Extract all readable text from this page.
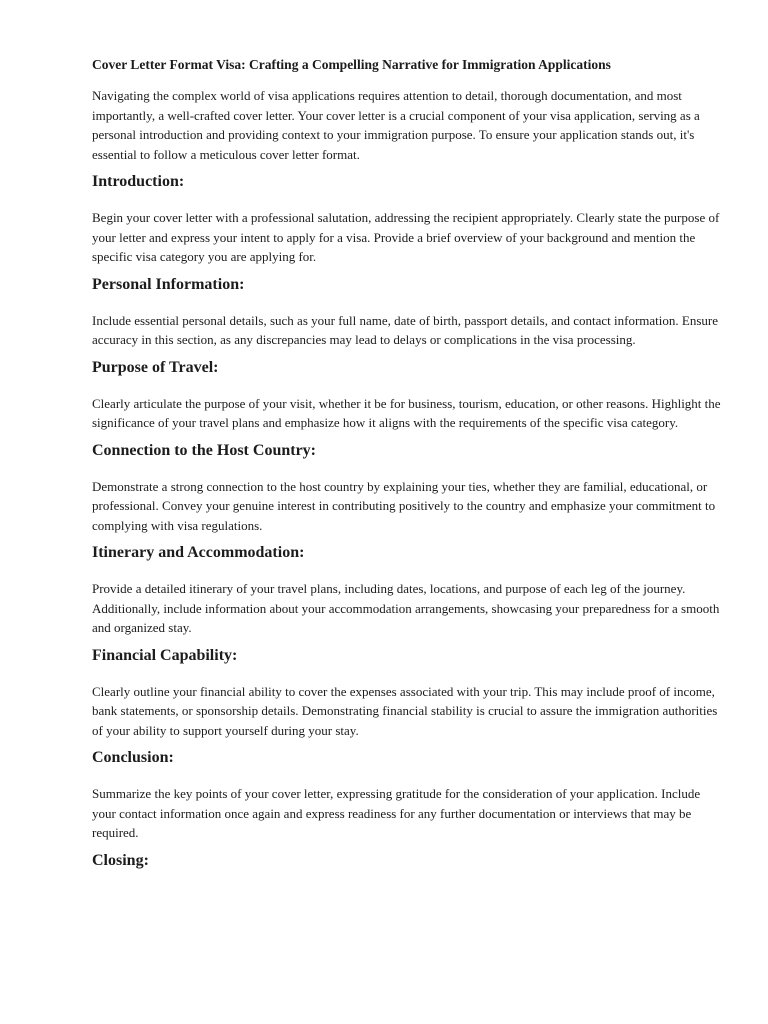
Cover Letter Format Visa: Crafting a Compelling Narrative for Immigration Applications

Navigating the complex world of visa applications requires attention to detail, thorough documentation, and most importantly, a well-crafted cover letter. Your cover letter is a crucial component of your visa application, serving as a personal introduction and providing context to your immigration purpose. To ensure your application stands out, it's essential to follow a meticulous cover letter format.

Introduction:

Begin your cover letter with a professional salutation, addressing the recipient appropriately. Clearly state the purpose of your letter and express your intent to apply for a visa. Provide a brief overview of your background and mention the specific visa category you are applying for.

Personal Information:

Include essential personal details, such as your full name, date of birth, passport details, and contact information. Ensure accuracy in this section, as any discrepancies may lead to delays or complications in the visa processing.

Purpose of Travel:

Clearly articulate the purpose of your visit, whether it be for business, tourism, education, or other reasons. Highlight the significance of your travel plans and emphasize how it aligns with the requirements of the specific visa category.

Connection to the Host Country:

Demonstrate a strong connection to the host country by explaining your ties, whether they are familial, educational, or professional. Convey your genuine interest in contributing positively to the country and emphasize your commitment to complying with visa regulations.

Itinerary and Accommodation:

Provide a detailed itinerary of your travel plans, including dates, locations, and purpose of each leg of the journey. Additionally, include information about your accommodation arrangements, showcasing your preparedness for a smooth and organized stay.

Financial Capability:

Clearly outline your financial ability to cover the expenses associated with your trip. This may include proof of income, bank statements, or sponsorship details. Demonstrating financial stability is crucial to assure the immigration authorities of your ability to support yourself during your stay.

Conclusion:

Summarize the key points of your cover letter, expressing gratitude for the consideration of your application. Include your contact information once again and express readiness for any further documentation or interviews that may be required.

Closing:
